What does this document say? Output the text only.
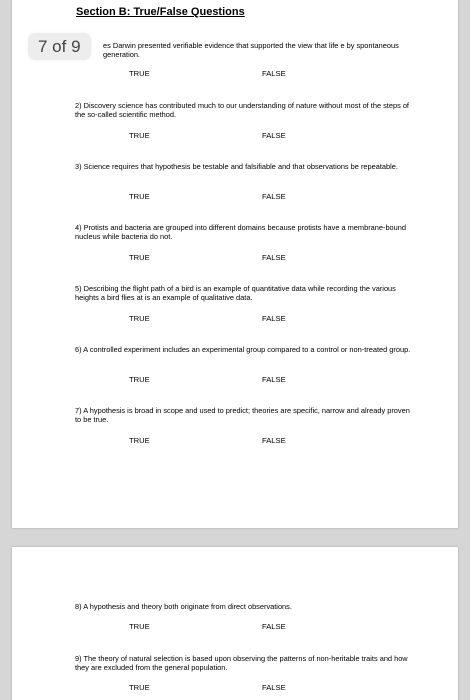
Section B: True/False Questions
es Darwin presented verifiable evidence that supported the view that life e by spontaneous generation.
TRUE	FALSE
2) Discovery science has contributed much to our understanding of nature without most of the steps of the so-called scientific method.
TRUE	FALSE
3) Science requires that hypothesis be testable and falsifiable and that observations be repeatable.
TRUE	FALSE
4) Protists and bacteria are grouped into different domains because protists have a membrane-bound nucleus while bacteria do not.
TRUE	FALSE
5) Describing the flight path of a bird is an example of quantitative data while recording the various heights a bird flies at is an example of qualitative data.
TRUE	FALSE
6) A controlled experiment includes an experimental group compared to a control or non-treated group.
TRUE	FALSE
7) A hypothesis is broad in scope and used to predict; theories are specific, narrow and already proven to be true.
TRUE	FALSE
8) A hypothesis and theory both originate from direct observations.
TRUE	FALSE
9) The theory of natural selection is based upon observing the patterns of non-heritable traits and how they are excluded from the general population.
TRUE	FALSE
7 of 9
